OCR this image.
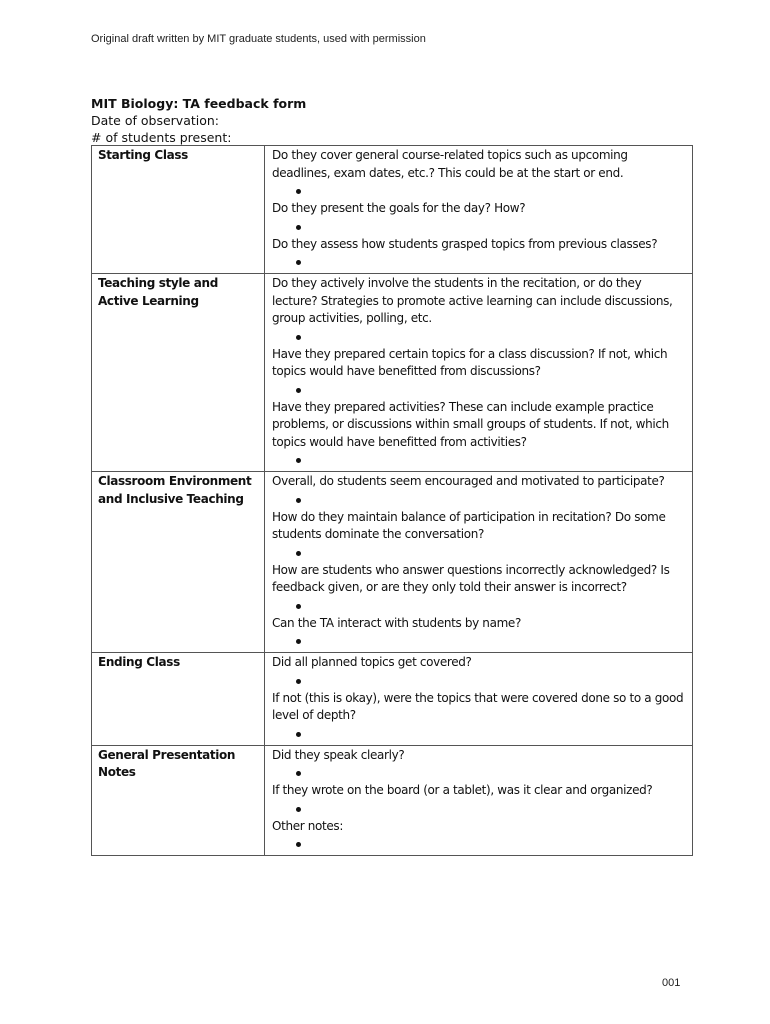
Original draft written by MIT graduate students, used with permission
MIT Biology: TA feedback form
Date of observation:
# of students present:
Starting Class	Do they cover general course-related topics such as upcoming deadlines, exam dates, etc.? This could be at the start or end.
Do they present the goals for the day? How?
Do they assess how students grasped topics from previous classes?

Teaching style and Active Learning	Do they actively involve the students in the recitation, or do they lecture? Strategies to promote active learning can include discussions, group activities, polling, etc.
Have they prepared certain topics for a class discussion? If not, which topics would have benefitted from discussions?
Have they prepared activities? These can include example practice problems, or discussions within small groups of students. If not, which topics would have benefitted from activities?

Classroom Environment and Inclusive Teaching	Overall, do students seem encouraged and motivated to participate?
How do they maintain balance of participation in recitation? Do some students dominate the conversation?
How are students who answer questions incorrectly acknowledged? Is feedback given, or are they only told their answer is incorrect?
Can the TA interact with students by name?

Ending Class	Did all planned topics get covered?
If not (this is okay), were the topics that were covered done so to a good level of depth?

General Presentation Notes	Did they speak clearly?
If they wrote on the board (or a tablet), was it clear and organized?
Other notes:
001
